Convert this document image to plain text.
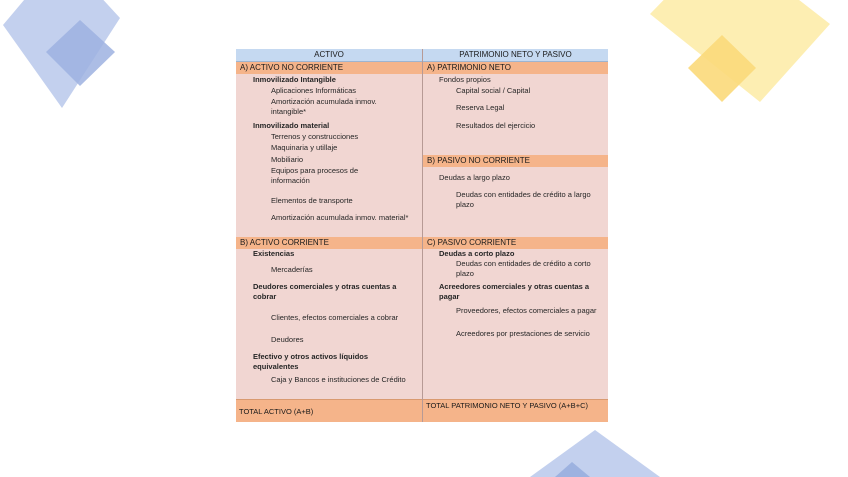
ACTIVO	PATRIMONIO NETO Y PASIVO
A) ACTIVO NO CORRIENTE
Inmovilizado Intangible
Aplicaciones Informáticas
Amortización acumulada inmov. intangible*
Inmovilizado material
Terrenos y construcciones
Maquinaria y utillaje
Mobiliario
Equipos para procesos de información
Elementos de transporte
Amortización acumulada inmov. material*
B) ACTIVO CORRIENTE
Existencias
Mercaderías
Deudores comerciales y otras cuentas a cobrar
Clientes, efectos comerciales a cobrar
Deudores
Efectivo y otros activos líquidos equivalentes
Caja y Bancos e instituciones de Crédito
TOTAL ACTIVO (A+B)
A) PATRIMONIO NETO
Fondos propios
Capital social / Capital
Reserva Legal
Resultados del ejercicio
B) PASIVO NO CORRIENTE
Deudas a largo plazo
Deudas con entidades de crédito a largo plazo
C) PASIVO CORRIENTE
Deudas a corto plazo
Deudas con entidades de crédito a corto plazo
Acreedores comerciales y otras cuentas a pagar
Proveedores, efectos comerciales a pagar
Acreedores por prestaciones de servicio
TOTAL PATRIMONIO NETO Y PASIVO (A+B+C)
